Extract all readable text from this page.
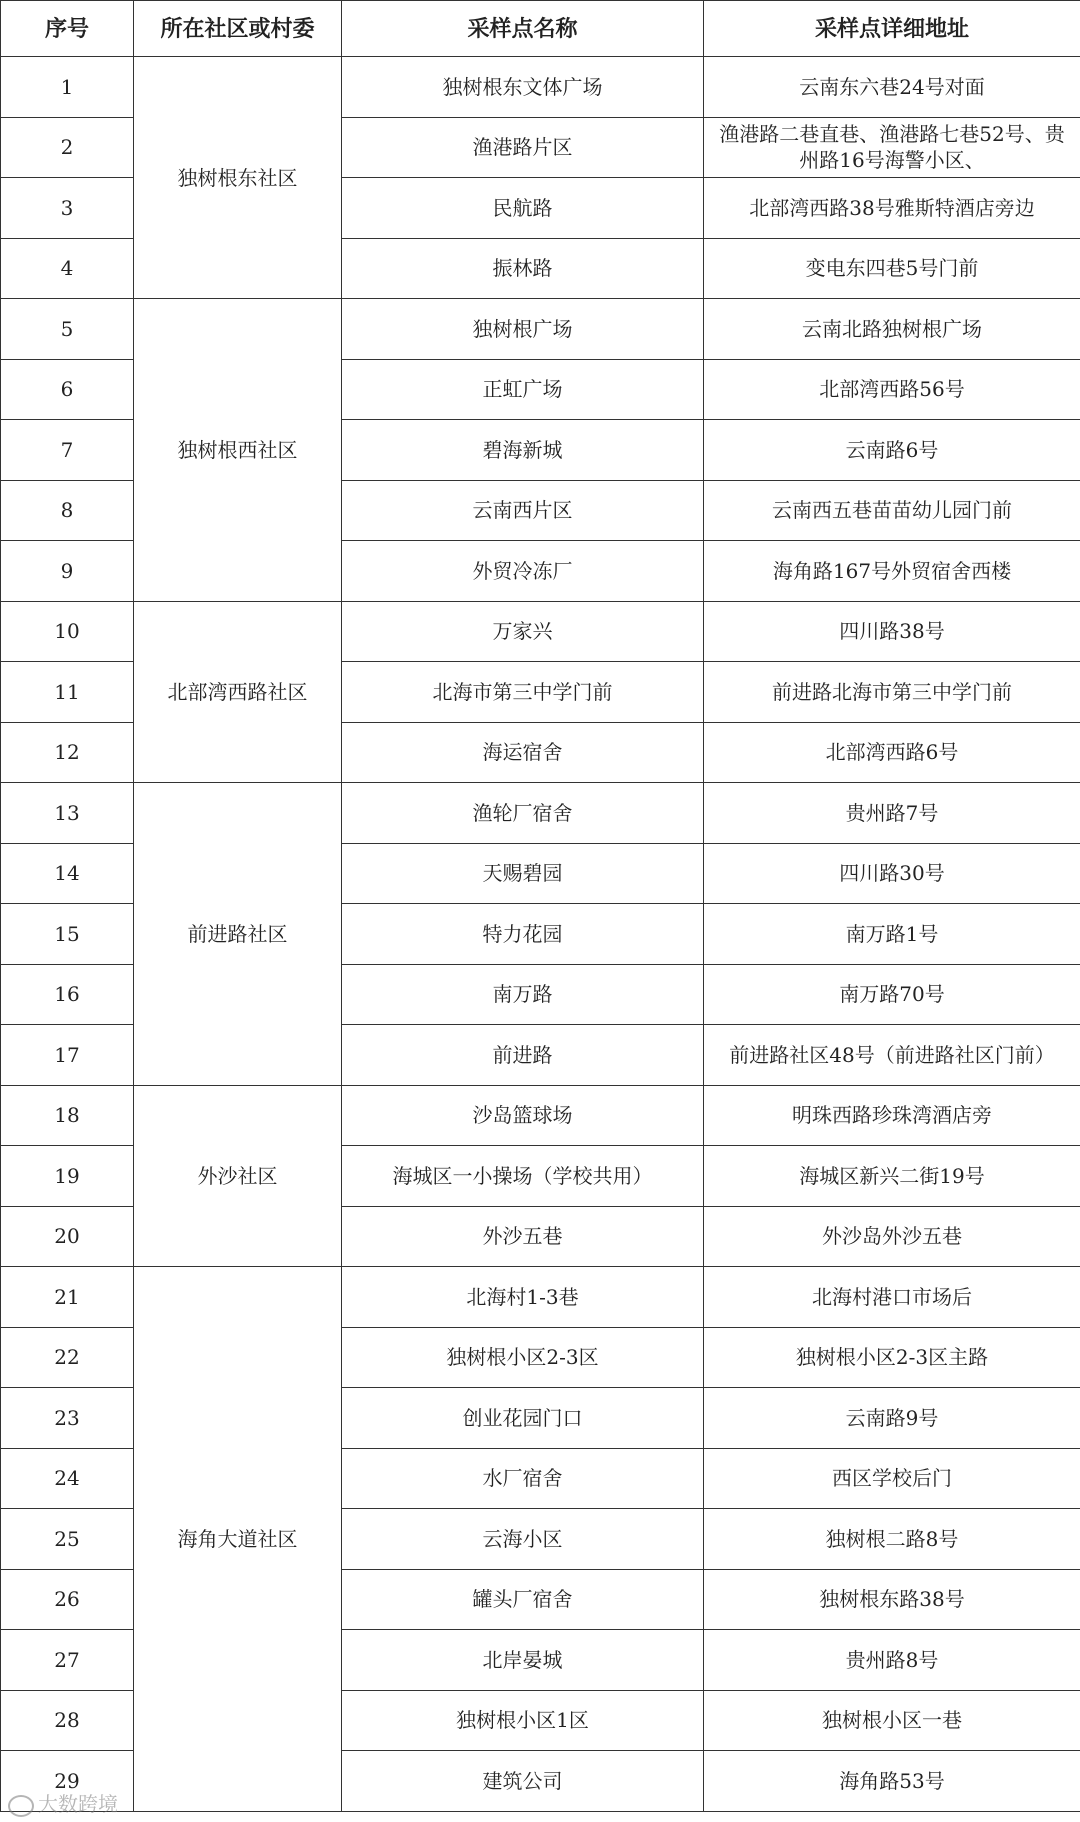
序号	所在社区或村委	采样点名称	采样点详细地址
1	独树根东社区	独树根东文体广场	云南东六巷24号对面
2		渔港路片区	渔港路二巷直巷、渔港路七巷52号、贵州路16号海警小区、
3		民航路	北部湾西路38号雅斯特酒店旁边
4		振林路	变电东四巷5号门前
5	独树根西社区	独树根广场	云南北路独树根广场
6		正虹广场	北部湾西路56号
7		碧海新城	云南路6号
8		云南西片区	云南西五巷苗苗幼儿园门前
9		外贸冷冻厂	海角路167号外贸宿舍西楼
10	北部湾西路社区	万家兴	四川路38号
11		北海市第三中学门前	前进路北海市第三中学门前
12		海运宿舍	北部湾西路6号
13	前进路社区	渔轮厂宿舍	贵州路7号
14		天赐碧园	四川路30号
15		特力花园	南万路1号
16		南万路	南万路70号
17		前进路	前进路社区48号（前进路社区门前）
18	外沙社区	沙岛篮球场	明珠西路珍珠湾酒店旁
19		海城区一小操场（学校共用）	海城区新兴二街19号
20		外沙五巷	外沙岛外沙五巷
21	海角大道社区	北海村1-3巷	北海村港口市场后
22		独树根小区2-3区	独树根小区2-3区主路
23		创业花园门口	云南路9号
24		水厂宿舍	西区学校后门
25		云海小区	独树根二路8号
26		罐头厂宿舍	独树根东路38号
27		北岸晏城	贵州路8号
28		独树根小区1区	独树根小区一巷
29		建筑公司	海角路53号
大数跨境
